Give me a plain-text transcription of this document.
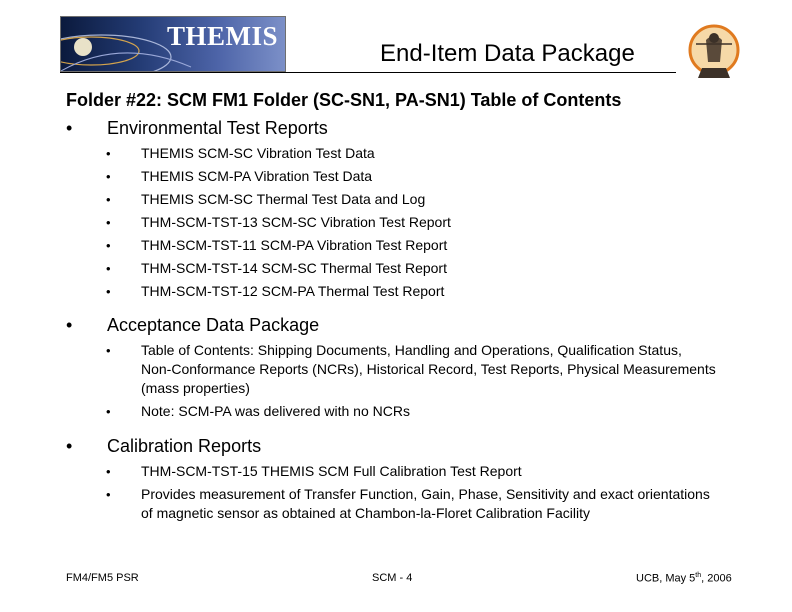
THEMIS
End-Item Data Package
Folder #22: SCM FM1 Folder (SC-SN1, PA-SN1) Table of Contents
• Environmental Test Reports
• THEMIS SCM-SC Vibration Test Data
• THEMIS SCM-PA Vibration Test Data
• THEMIS SCM-SC Thermal Test Data and Log
• THM-SCM-TST-13 SCM-SC Vibration Test Report
• THM-SCM-TST-11 SCM-PA Vibration Test Report
• THM-SCM-TST-14 SCM-SC Thermal Test Report
• THM-SCM-TST-12 SCM-PA Thermal Test Report
• Acceptance Data Package
• Table of Contents: Shipping Documents, Handling and Operations, Qualification Status, Non-Conformance Reports (NCRs), Historical Record, Test Reports, Physical Measurements (mass properties)
• Note: SCM-PA was delivered with no NCRs
• Calibration Reports
• THM-SCM-TST-15 THEMIS SCM Full Calibration Test Report
• Provides measurement of Transfer Function, Gain, Phase, Sensitivity and exact orientations of magnetic sensor as obtained at Chambon-la-Floret Calibration Facility
FM4/FM5 PSR	SCM - 4	UCB, May 5th, 2006
